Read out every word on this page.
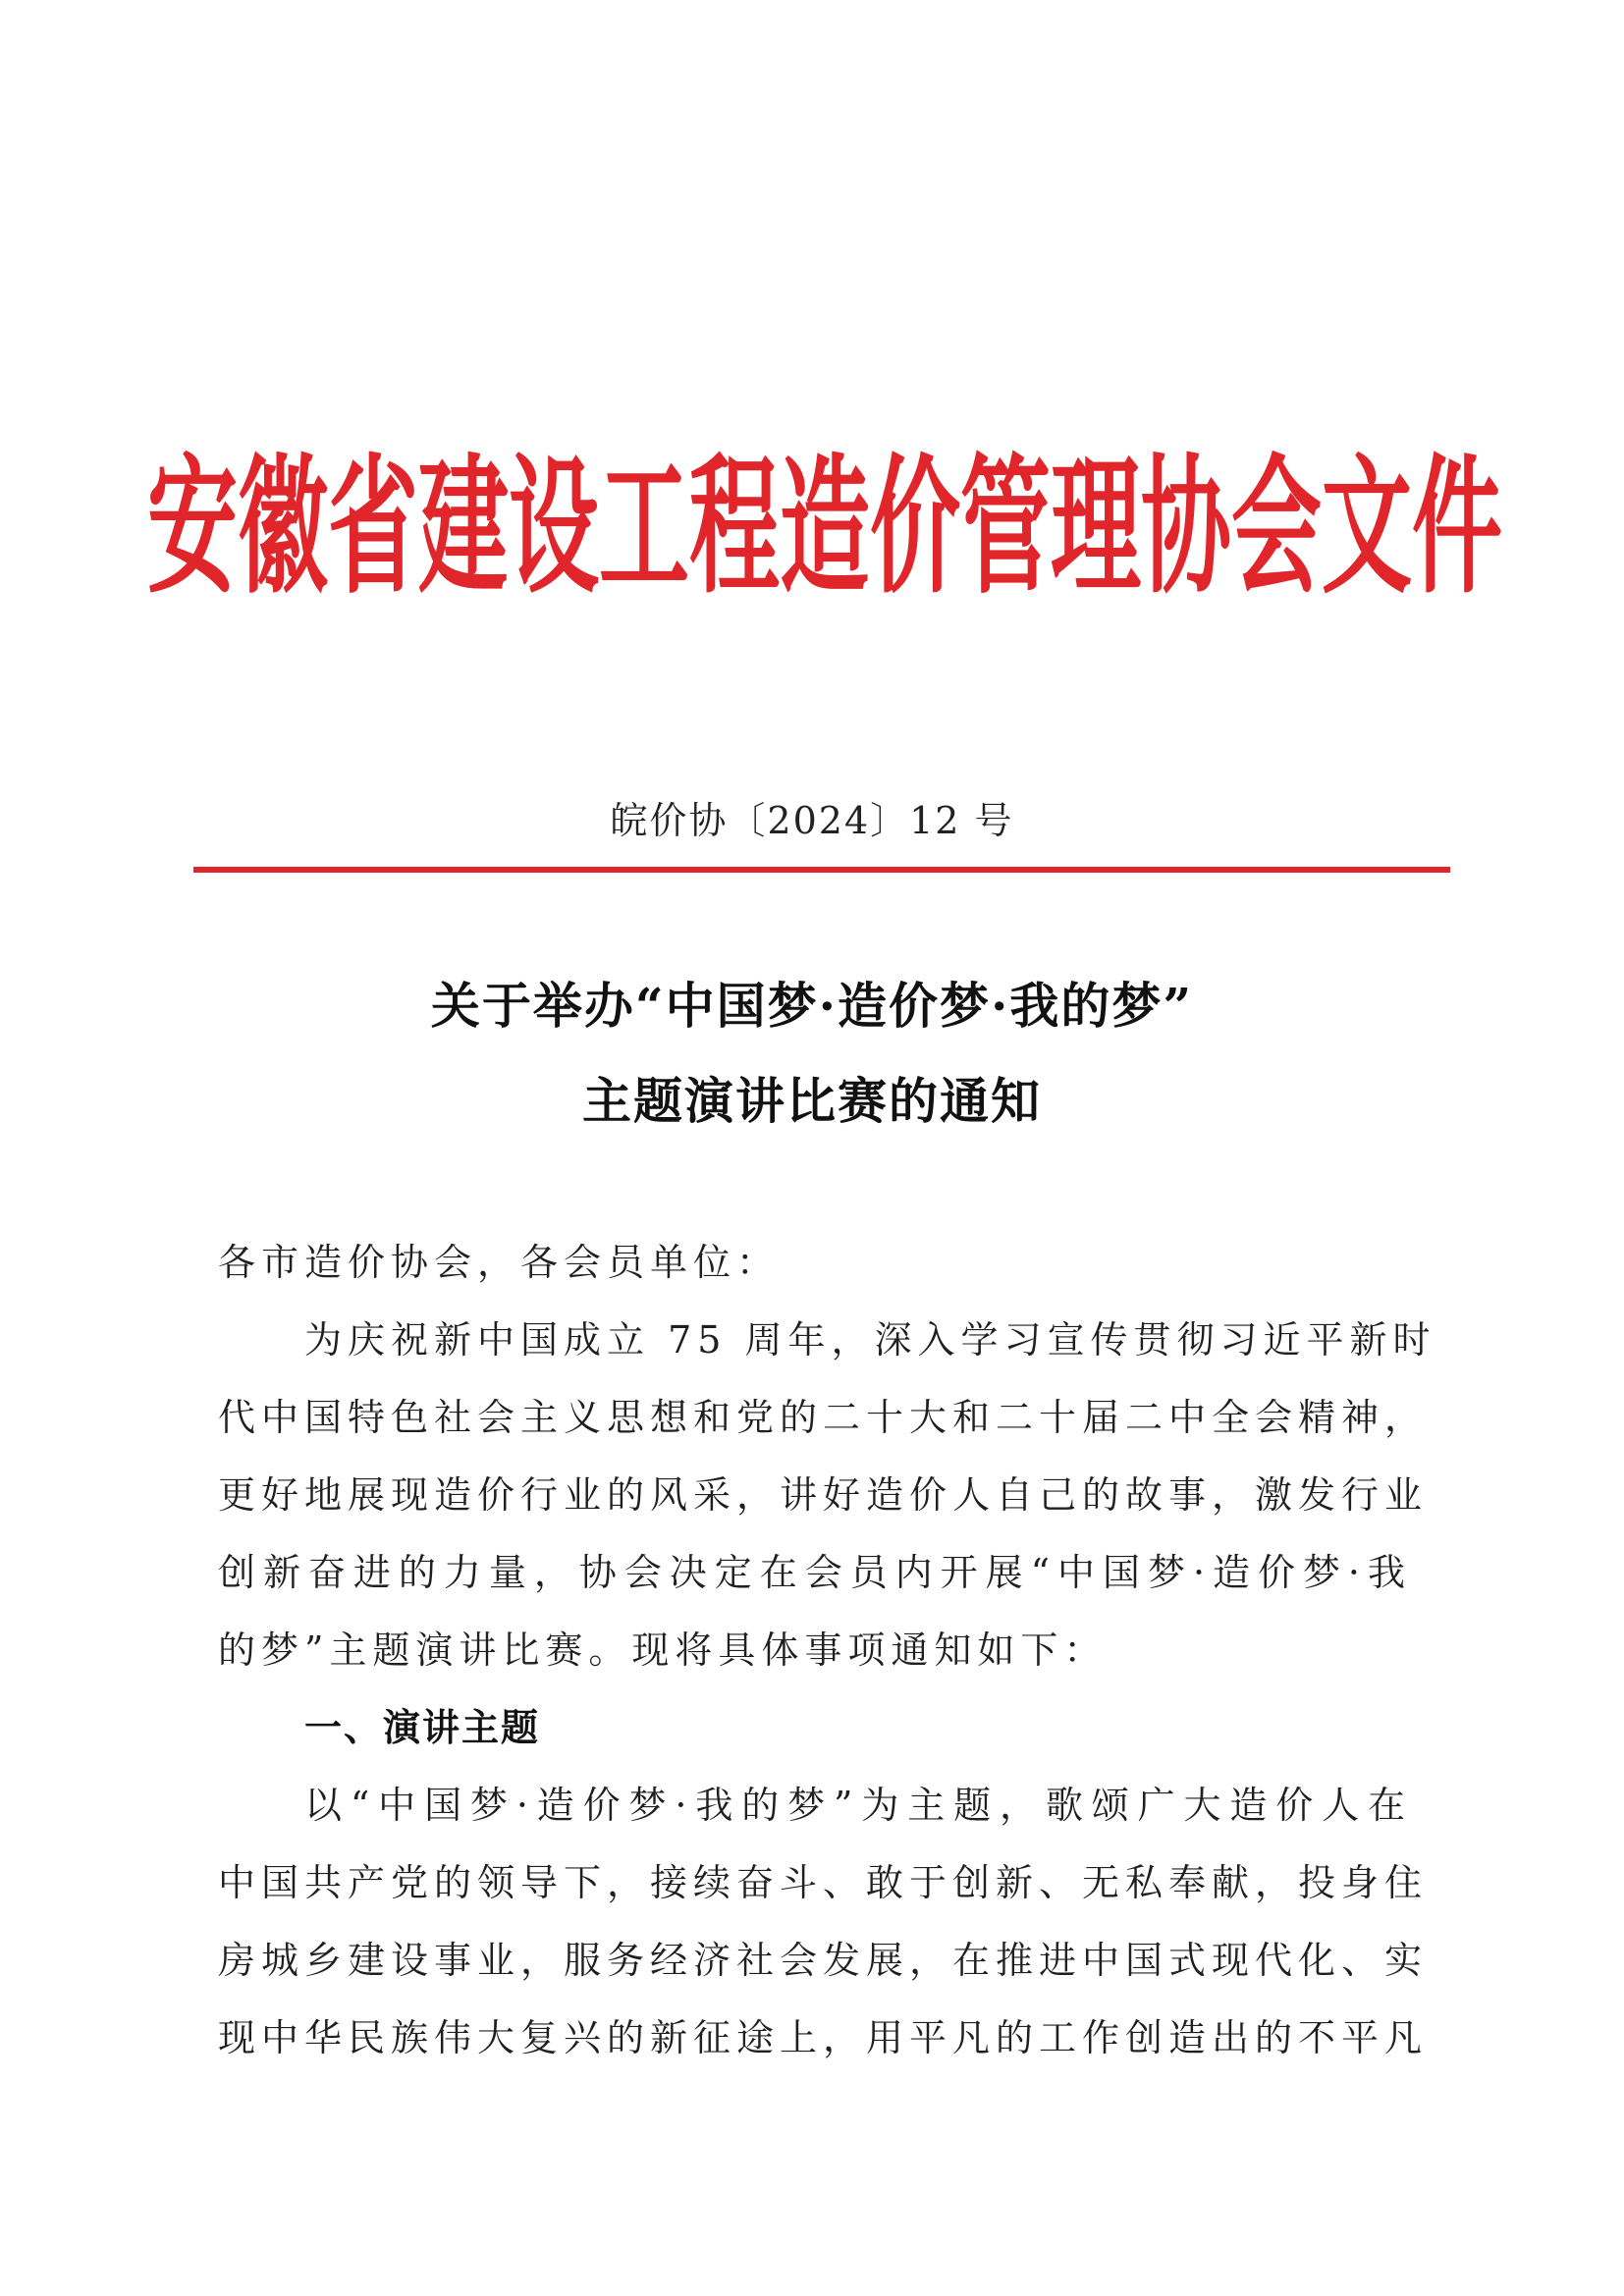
安徽省建设工程造价管理协会文件
皖价协〔2024〕12 号
关于举办“中国梦·造价梦·我的梦”
主题演讲比赛的通知
各市造价协会，各会员单位：
为庆祝新中国成立 75 周年，深入学习宣传贯彻习近平新时
代中国特色社会主义思想和党的二十大和二十届二中全会精神，
更好地展现造价行业的风采，讲好造价人自己的故事，激发行业
创新奋进的力量，协会决定在会员内开展“中国梦·造价梦·我
的梦”主题演讲比赛。现将具体事项通知如下：
一、演讲主题
以“中国梦·造价梦·我的梦”为主题，歌颂广大造价人在
中国共产党的领导下，接续奋斗、敢于创新、无私奉献，投身住
房城乡建设事业，服务经济社会发展，在推进中国式现代化、实
现中华民族伟大复兴的新征途上，用平凡的工作创造出的不平凡
